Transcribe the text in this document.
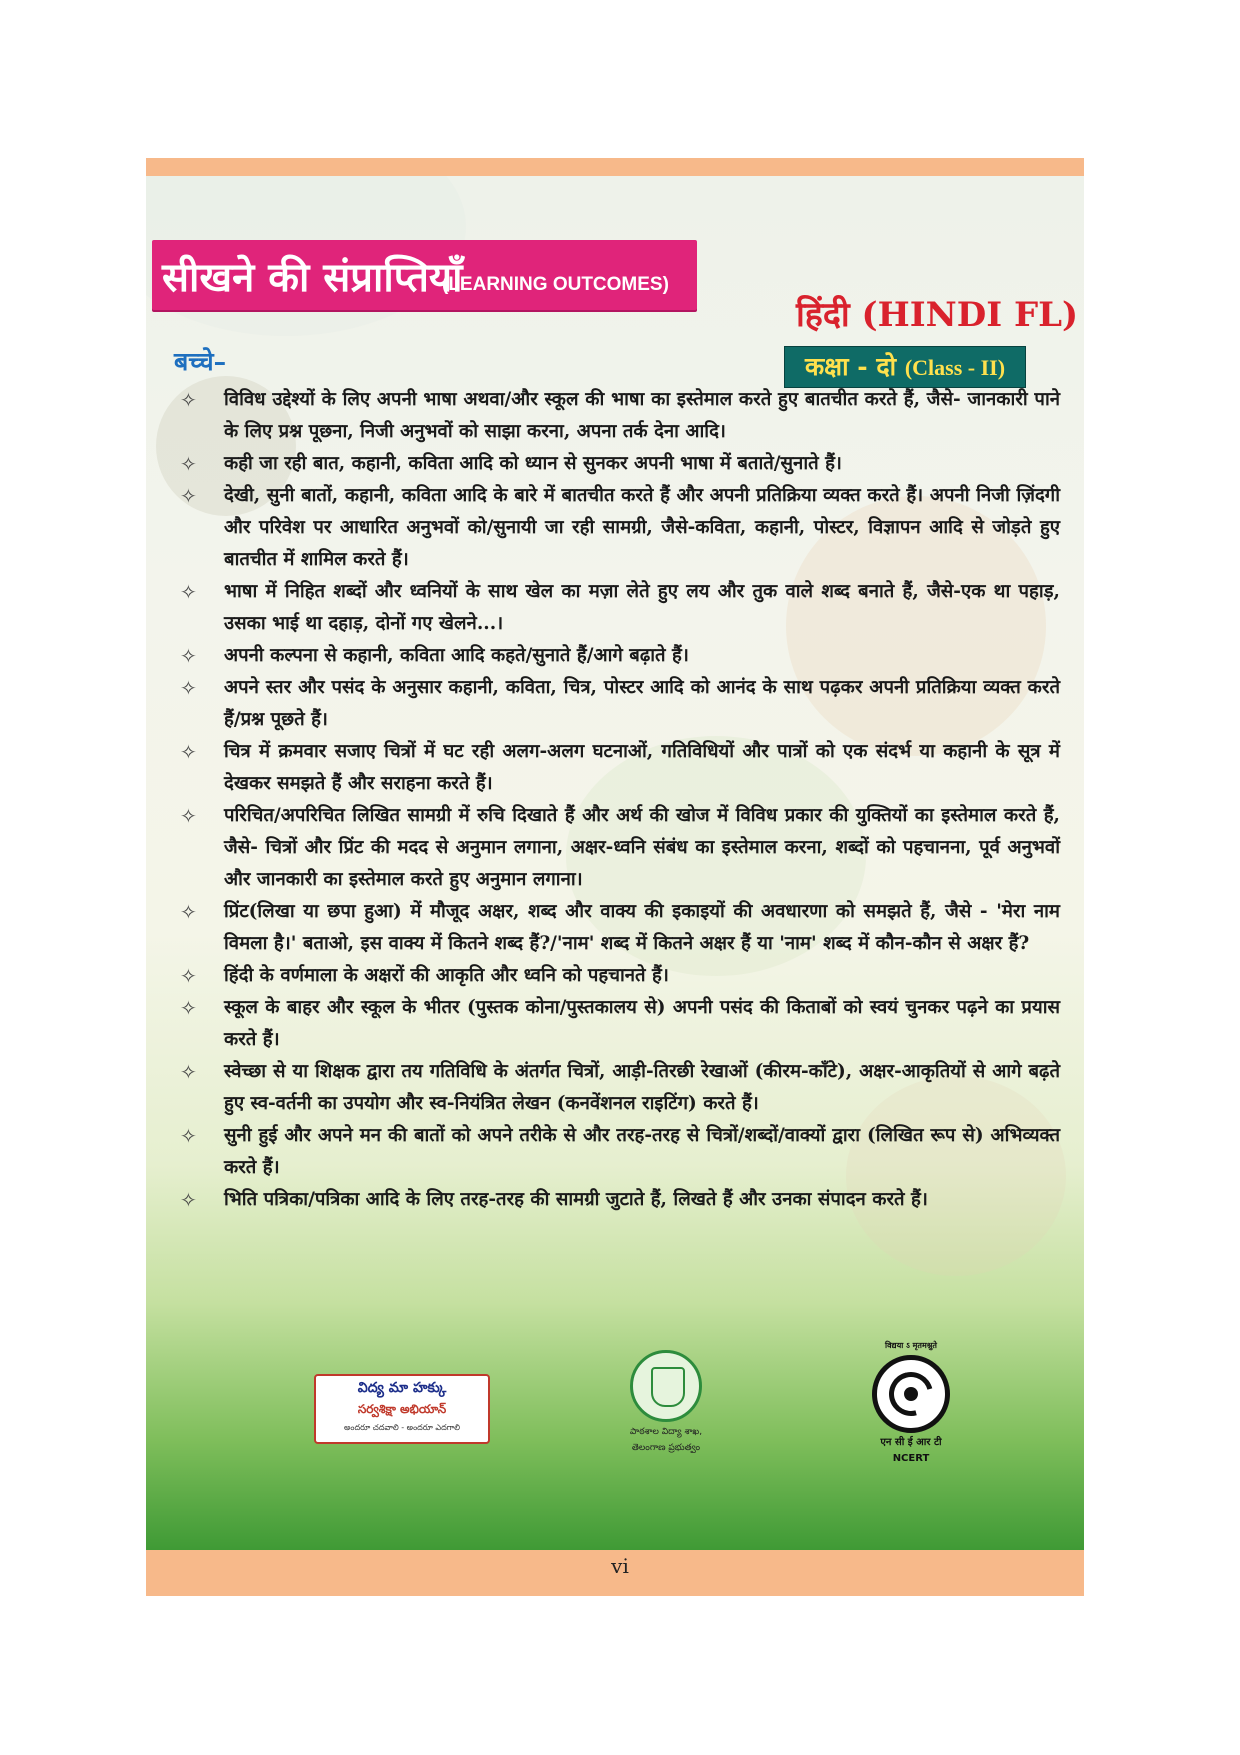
सीखने की संप्राप्तियाँ
(LEARNING OUTCOMES)
हिंदी (HINDI FL)
कक्षा - दो (Class - II)
बच्चे–
✧ विविध उद्देश्यों के लिए अपनी भाषा अथवा/और स्कूल की भाषा का इस्तेमाल करते हुए बातचीत करते हैं, जैसे- जानकारी पाने के लिए प्रश्न पूछना, निजी अनुभवों को साझा करना, अपना तर्क देना आदि।
✧ कही जा रही बात, कहानी, कविता आदि को ध्यान से सुनकर अपनी भाषा में बताते/सुनाते हैं।
✧ देखी, सुनी बातों, कहानी, कविता आदि के बारे में बातचीत करते हैं और अपनी प्रतिक्रिया व्यक्त करते हैं। अपनी निजी ज़िंदगी और परिवेश पर आधारित अनुभवों को/सुनायी जा रही सामग्री, जैसे-कविता, कहानी, पोस्टर, विज्ञापन आदि से जोड़ते हुए बातचीत में शामिल करते हैं।
✧ भाषा में निहित शब्दों और ध्वनियों के साथ खेल का मज़ा लेते हुए लय और तुक वाले शब्द बनाते हैं, जैसे-एक था पहाड़, उसका भाई था दहाड़, दोनों गए खेलने...।
✧ अपनी कल्पना से कहानी, कविता आदि कहते/सुनाते हैं/आगे बढ़ाते हैं।
✧ अपने स्तर और पसंद के अनुसार कहानी, कविता, चित्र, पोस्टर आदि को आनंद के साथ पढ़कर अपनी प्रतिक्रिया व्यक्त करते हैं/प्रश्न पूछते हैं।
✧ चित्र में क्रमवार सजाए चित्रों में घट रही अलग-अलग घटनाओं, गतिविधियों और पात्रों को एक संदर्भ या कहानी के सूत्र में देखकर समझते हैं और सराहना करते हैं।
✧ परिचित/अपरिचित लिखित सामग्री में रुचि दिखाते हैं और अर्थ की खोज में विविध प्रकार की युक्तियों का इस्तेमाल करते हैं, जैसे- चित्रों और प्रिंट की मदद से अनुमान लगाना, अक्षर-ध्वनि संबंध का इस्तेमाल करना, शब्दों को पहचानना, पूर्व अनुभवों और जानकारी का इस्तेमाल करते हुए अनुमान लगाना।
✧ प्रिंट(लिखा या छपा हुआ) में मौजूद अक्षर, शब्द और वाक्य की इकाइयों की अवधारणा को समझते हैं, जैसे - 'मेरा नाम विमला है।' बताओ, इस वाक्य में कितने शब्द हैं?/'नाम' शब्द में कितने अक्षर हैं या 'नाम' शब्द में कौन-कौन से अक्षर हैं?
✧ हिंदी के वर्णमाला के अक्षरों की आकृति और ध्वनि को पहचानते हैं।
✧ स्कूल के बाहर और स्कूल के भीतर (पुस्तक कोना/पुस्तकालय से) अपनी पसंद की किताबों को स्वयं चुनकर पढ़ने का प्रयास करते हैं।
✧ स्वेच्छा से या शिक्षक द्वारा तय गतिविधि के अंतर्गत चित्रों, आड़ी-तिरछी रेखाओं (कीरम-काँटे), अक्षर-आकृतियों से आगे बढ़ते हुए स्व-वर्तनी का उपयोग और स्व-नियंत्रित लेखन (कनवेंशनल राइटिंग) करते हैं।
✧ सुनी हुई और अपने मन की बातों को अपने तरीके से और तरह-तरह से चित्रों/शब्दों/वाक्यों द्वारा (लिखित रूप से) अभिव्यक्त करते हैं।
✧ भिति पत्रिका/पत्रिका आदि के लिए तरह-तरह की सामग्री जुटाते हैं, लिखते हैं और उनका संपादन करते हैं।
విద్య మా హక్కు
సర్వశిక్షా అభియాన్
అందరూ చదవాలి - అందరూ ఎదగాలి	పాఠశాల విద్యా శాఖ,
తెలంగాణ ప్రభుత్వం
विद्यया ऽ मृतमश्नुते
एन सी ई आर टी
NCERT
vi
